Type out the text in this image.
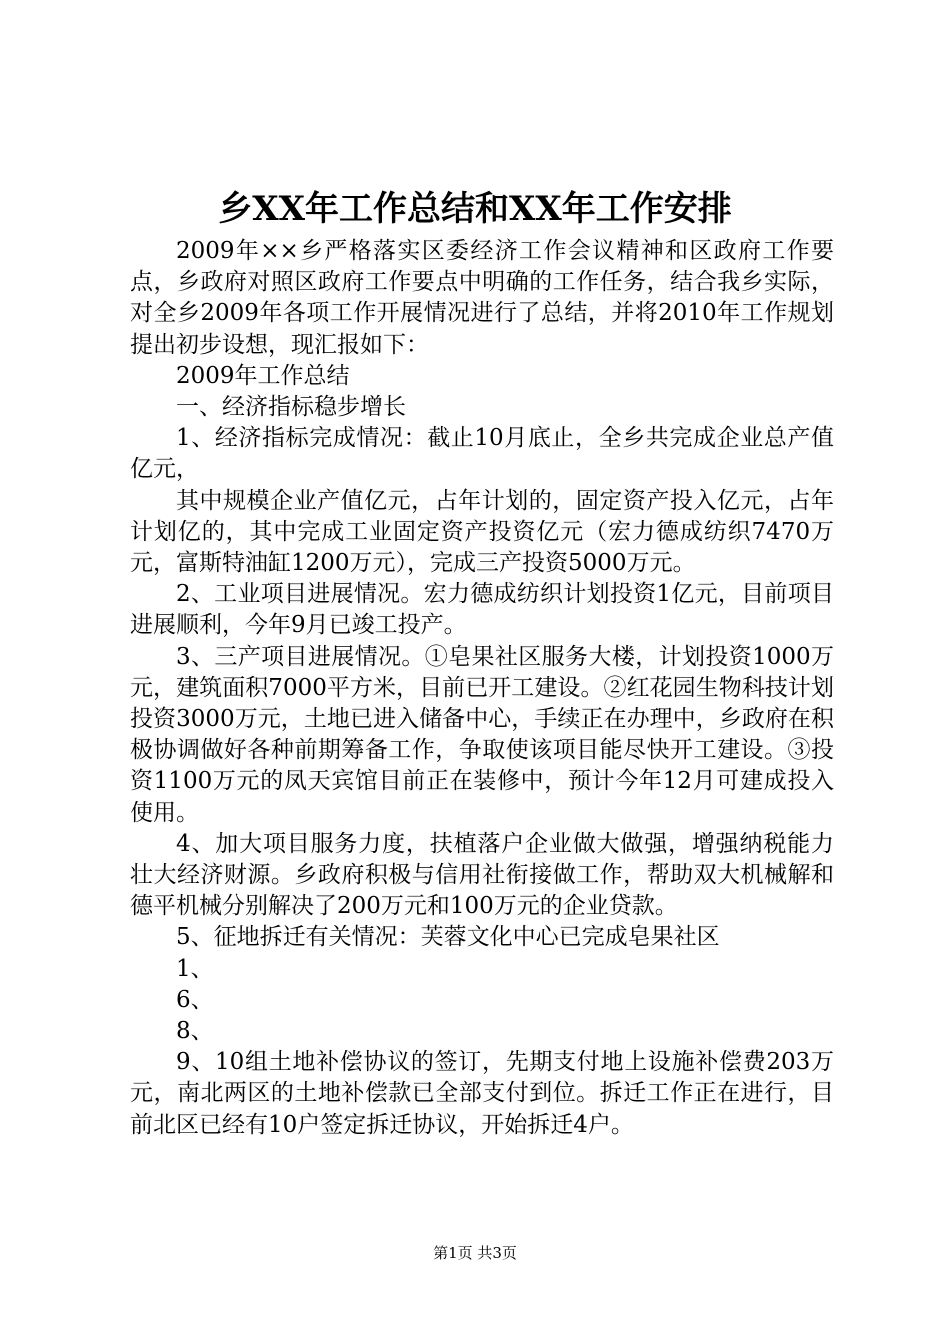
乡XX年工作总结和XX年工作安排

2009年××乡严格落实区委经济工作会议精神和区政府工作要点，乡政府对照区政府工作要点中明确的工作任务，结合我乡实际，对全乡2009年各项工作开展情况进行了总结，并将2010年工作规划提出初步设想，现汇报如下：

2009年工作总结

一、经济指标稳步增长

1、经济指标完成情况：截止10月底止，全乡共完成企业总产值亿元，

其中规模企业产值亿元，占年计划的，固定资产投入亿元，占年计划亿的，其中完成工业固定资产投资亿元（宏力德成纺织7470万元，富斯特油缸1200万元），完成三产投资5000万元。

2、工业项目进展情况。宏力德成纺织计划投资1亿元，目前项目进展顺利，今年9月已竣工投产。

3、三产项目进展情况。①皂果社区服务大楼，计划投资1000万元，建筑面积7000平方米，目前已开工建设。②红花园生物科技计划投资3000万元，土地已进入储备中心，手续正在办理中，乡政府在积极协调做好各种前期筹备工作，争取使该项目能尽快开工建设。③投资1100万元的凤天宾馆目前正在装修中，预计今年12月可建成投入使用。

4、加大项目服务力度，扶植落户企业做大做强，增强纳税能力壮大经济财源。乡政府积极与信用社衔接做工作，帮助双大机械解和德平机械分别解决了200万元和100万元的企业贷款。

5、征地拆迁有关情况：芙蓉文化中心已完成皂果社区

1、

6、

8、

9、10组土地补偿协议的签订，先期支付地上设施补偿费203万元，南北两区的土地补偿款已全部支付到位。拆迁工作正在进行，目前北区已经有10户签定拆迁协议，开始拆迁4户。

第1页 共3页
